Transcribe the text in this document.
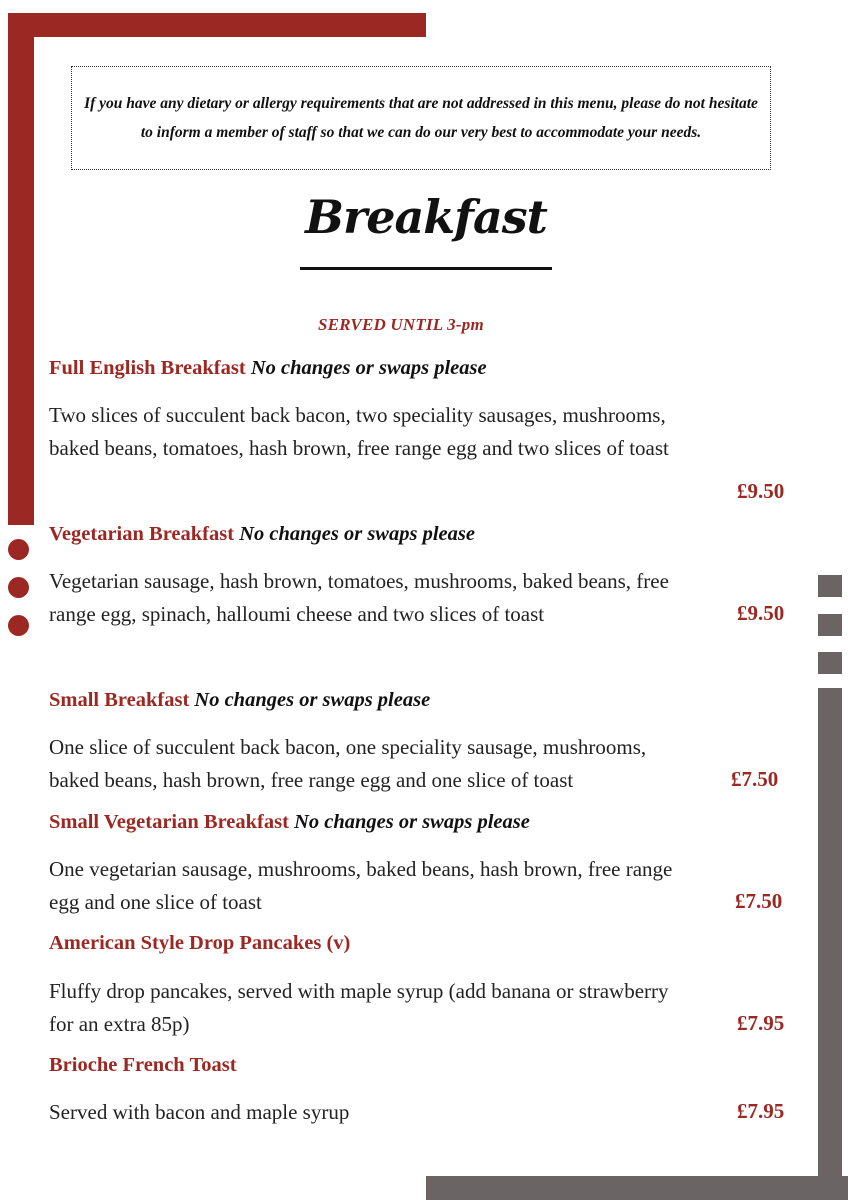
If you have any dietary or allergy requirements that are not addressed in this menu, please do not hesitate to inform a member of staff so that we can do our very best to accommodate your needs.
Breakfast
SERVED UNTIL 3-pm
Full English Breakfast No changes or swaps please
Two slices of succulent back bacon, two speciality sausages, mushrooms,
baked beans, tomatoes, hash brown, free range egg and two slices of toast
£9.50
Vegetarian Breakfast No changes or swaps please
Vegetarian sausage, hash brown, tomatoes, mushrooms, baked beans, free
range egg, spinach, halloumi cheese and two slices of toast	£9.50
Small Breakfast No changes or swaps please
One slice of succulent back bacon, one speciality sausage, mushrooms,
baked beans, hash brown, free range egg and one slice of toast	£7.50
Small Vegetarian Breakfast No changes or swaps please
One vegetarian sausage, mushrooms, baked beans, hash brown, free range
egg and one slice of toast	£7.50
American Style Drop Pancakes (v)
Fluffy drop pancakes, served with maple syrup (add banana or strawberry
for an extra 85p)	£7.95
Brioche French Toast
Served with bacon and maple syrup	£7.95
